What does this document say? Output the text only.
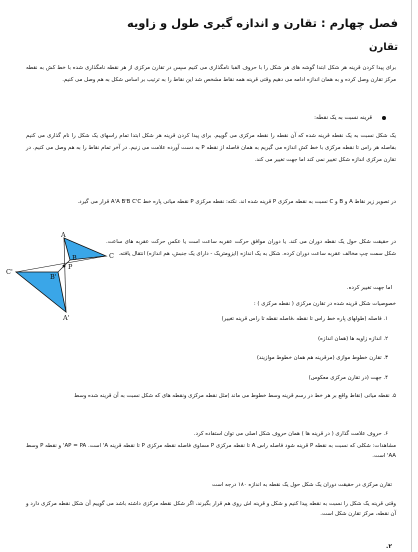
فصل چهارم : تقارن و اندازه گیری طول و زاویه
تقارن
برای پیدا کردن قرینه هر شکل ابتدا گوشه های هر شکل را با حروف الفبا نامگذاری می کنیم سپس در تقارن مرکزی از هر نقطه نامگذاری شده با خط کش به نقطه مرکز تقارن وصل کرده و به همان اندازه ادامه می دهیم وقتی قرینه همه نقاط مشخص شد این نقاط را به ترتیب بر اساس شکل به هم وصل می کنیم.
قرینه نسبت به یک نقطه:
یک شکل نسبت به یک نقطه قرینه شده که آن نقطه را نقطه مرکزی می گوییم. برای پیدا کردن قرینه هر شکل ابتدا تمام راسهای یک شکل را نام گذاری می کنیم بفاصله هر راس تا نقطه مرکزی با خط کش اندازه می گیریم به همان فاصله از نقطه P به دست آورده علامت می زنیم. در آخر تمام نقاط را به هم وصل می کنیم. در تقارن مرکزی اندازه شکل تغییر نمی کند اما جهت تغییر می کند.
در تصویر زیر نقاط A و B و C نسبت به نقطه مرکزی P قرینه شده اند. نکته: نقطه مرکزی P نقطه میانی پاره خط A'A B'B C'C قرار می گیرد.
در حقیقت شکل حول یک نقطه دوران می کند. یا دوران موافق حرکت عقربه ساعت است یا عکس حرکت عقربه های ساعت. شکل سمت چپ مخالف عقربه ساعت دوران کرده. شکل به یک اندازه (ایزومتریک - دارای یک جنبش، هم اندازه) انتقال یافته.
اما جهت تغییر کرده.
خصوصیات شکل قرینه شده در تقارن مرکزی ( نقطه مرکزی ) :
۱. فاصله (طولهای پاره خط راس تا نقطه ،فاصله نقطه تا راس قرینه تغییر)
۲. اندازه زاویه ها (همان اندازه)
۳. تقارن خطوط موازی (مرقرینه هم همان خطوط موازیند)
۴. جهت (در تقارن مرکزی معکوس)
۵. نقطه میانی (نقاط واقع بر هر خط در رسم قرینه وسط خطوط می ماند )مثل نقطه مرکزی ونقطه های که شکل نسبت به آن قرینه شده وسط
۶. حروف علامت گذاری ( در قرینه ها ) همان حروف شکل اصلی می توان استفاده کرد.
مشاهدات: شکلی که نسبت به نقطه P قرینه شود فاصله راس A تا نقطه مرکزی P مساوی فاصله نقطه مرکزی P تا نقطه قرینه A' است. AP = PA' و نقطه P وسط AA' است.
تقارن مرکزی در حقیقت دوران یک شکل حول یک نقطه به اندازه ۱۸۰ درجه است
وقتی قرینه یک شکل را نسبت به نقطه پیدا کنیم و شکل و قرینه اش روی هم قرار بگیرند، اگر شکل نقطه مرکزی داشته باشد می گوییم آن شکل نقطه مرکزی دارد و آن نقطه، مرکز تقارن شکل است.
۲.
A
C
B
P
C'
B'
A'
